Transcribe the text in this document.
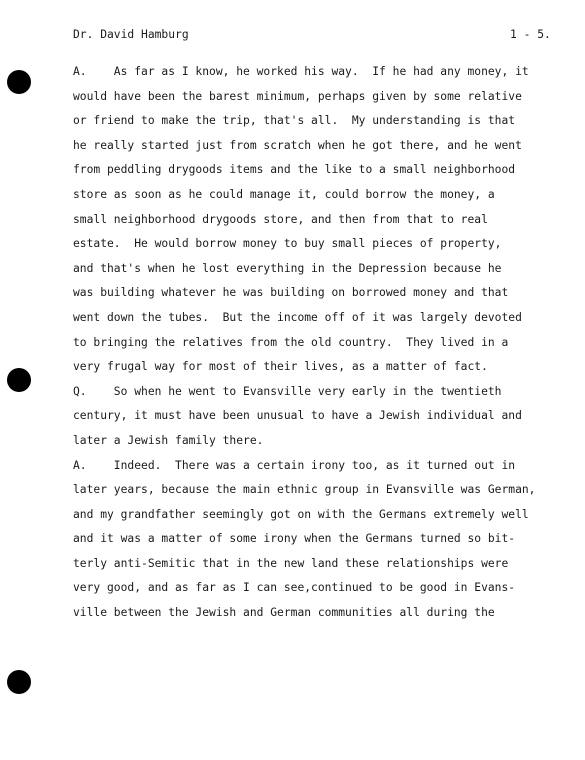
Dr. David Hamburg	1 - 5.
A.    As far as I know, he worked his way.  If he had any money, it
would have been the barest minimum, perhaps given by some relative
or friend to make the trip, that's all.  My understanding is that
he really started just from scratch when he got there, and he went
from peddling drygoods items and the like to a small neighborhood
store as soon as he could manage it, could borrow the money, a
small neighborhood drygoods store, and then from that to real
estate.  He would borrow money to buy small pieces of property,
and that's when he lost everything in the Depression because he
was building whatever he was building on borrowed money and that
went down the tubes.  But the income off of it was largely devoted
to bringing the relatives from the old country.  They lived in a
very frugal way for most of their lives, as a matter of fact.
Q.    So when he went to Evansville very early in the twentieth
century, it must have been unusual to have a Jewish individual and
later a Jewish family there.
A.    Indeed.  There was a certain irony too, as it turned out in
later years, because the main ethnic group in Evansville was German,
and my grandfather seemingly got on with the Germans extremely well
and it was a matter of some irony when the Germans turned so bit-
terly anti-Semitic that in the new land these relationships were
very good, and as far as I can see,continued to be good in Evans-
ville between the Jewish and German communities all during the
